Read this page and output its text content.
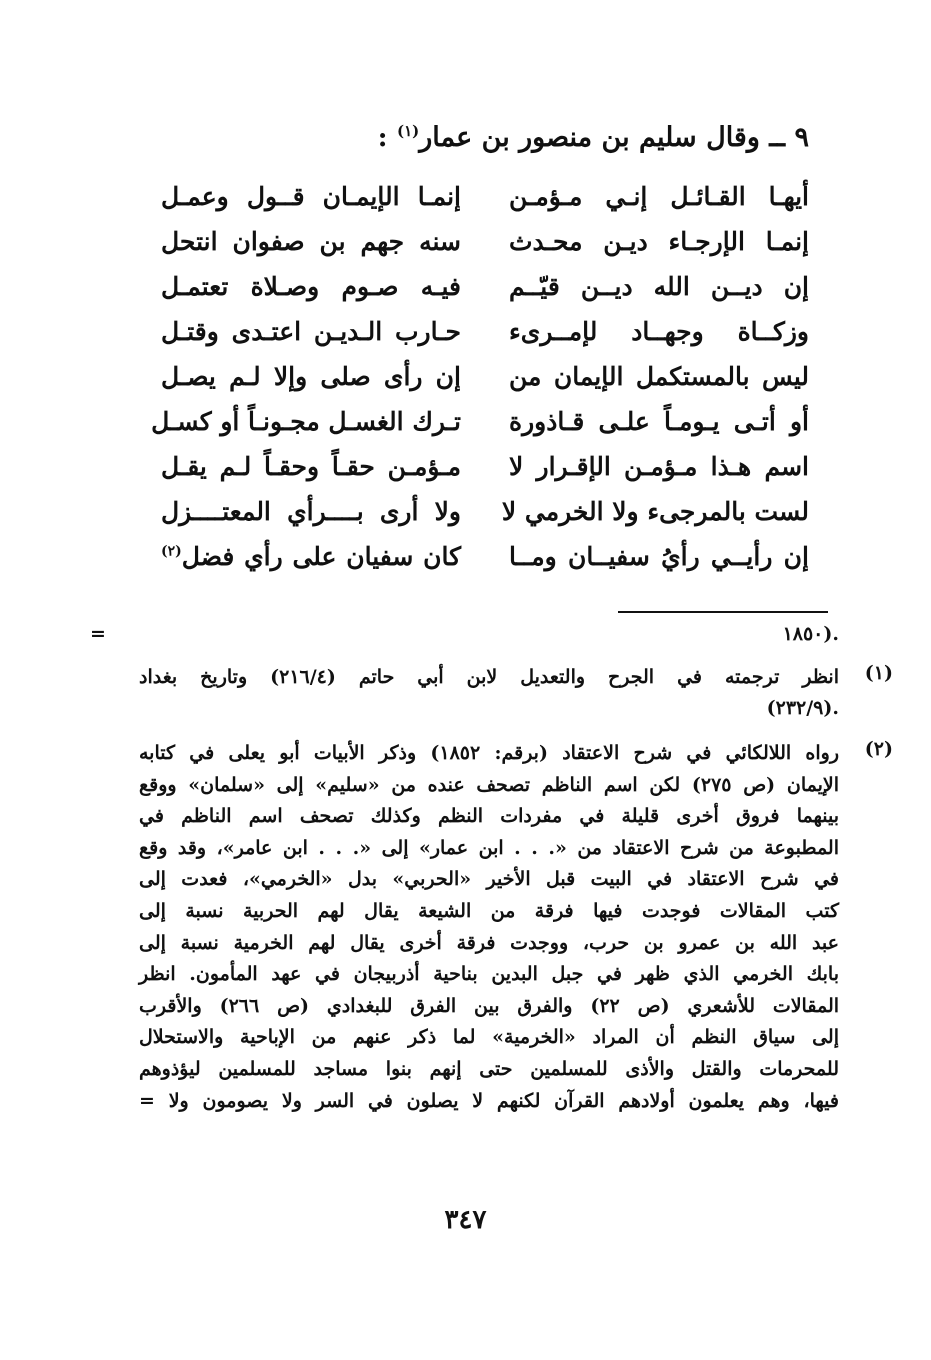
٩ ــ وقال سليم بن منصور بن عمار$^{(١)}$ :
أيهـا القـائـل إنـي مـؤمـن
إنمـا الإيمـان قــول وعمـل
إنمـا الإرجـاء ديـن محـدث
سنه جهم بن صفوان انتحل
إن ديــن الله ديــن قيّــم
فيـه صـوم وصـلاة تعتمـل
وزكــاة وجهــاد لإمــرىء
حـارب الـديـن اعتـدى وقتـل
ليس بالمستكمل الإيمان من
إن رأى صلى وإلا لـم يصـل
أو أتـى يـومـاً علـى قـاذورة
تـرك الغسـل مجـونـاً أو كسـل
اسم هـذا مـؤمـن الإقـرار لا
مـؤمـن حقـاً وحقـاً لـم يقـل
لست بالمرجىء ولا الخرمي لا
ولا أرى بــــرأي المعتــــزل
إن رأيــي رأيُ سفيــان ومــا
كان سفيان على رأي فضل$^{(٢)}$
.(١٨٥٠
=
(١)
انظر ترجمته في الجرح والتعديل لابن أبي حاتم (٢١٦/٤) وتاريخ بغداد
.(٢٣٢/٩)
(٢)
رواه اللالكائي في شرح الاعتقاد (برقم: ١٨٥٢) وذكر الأبيات أبو يعلى في كتابه
الإيمان (ص ٢٧٥) لكن اسم الناظم تصحف عنده من «سليم» إلى «سلمان» ووقع
بينهما فروق أخرى قليلة في مفردات النظم وكذلك تصحف اسم الناظم في
المطبوعة من شرح الاعتقاد من «. . . ابن عمار» إلى «. . . ابن عامر»، وقد وقع
في شرح الاعتقاد في البيت قبل الأخير «الحربي» بدل «الخرمي»، فعدت إلى
كتب المقالات فوجدت فيها فرقة من الشيعة يقال لهم الحربية نسبة إلى
عبد الله بن عمرو بن حرب، ووجدت فرقة أخرى يقال لهم الخرمية نسبة إلى
بابك الخرمي الذي ظهر في جبل البدين بناحية أذربيجان في عهد المأمون. انظر
المقالات للأشعري (ص ٢٢) والفرق بين الفرق للبغدادي (ص ٢٦٦) والأقرب
إلى سياق النظم أن المراد «الخرمية» لما ذكر عنهم من الإباحية والاستحلال
للمحرمات والقتل والأذى للمسلمين حتى إنهم بنوا مساجد للمسلمين ليؤذوهم
فيها، وهم يعلمون أولادهم القرآن لكنهم لا يصلون في السر ولا يصومون ولا =
٣٤٧
